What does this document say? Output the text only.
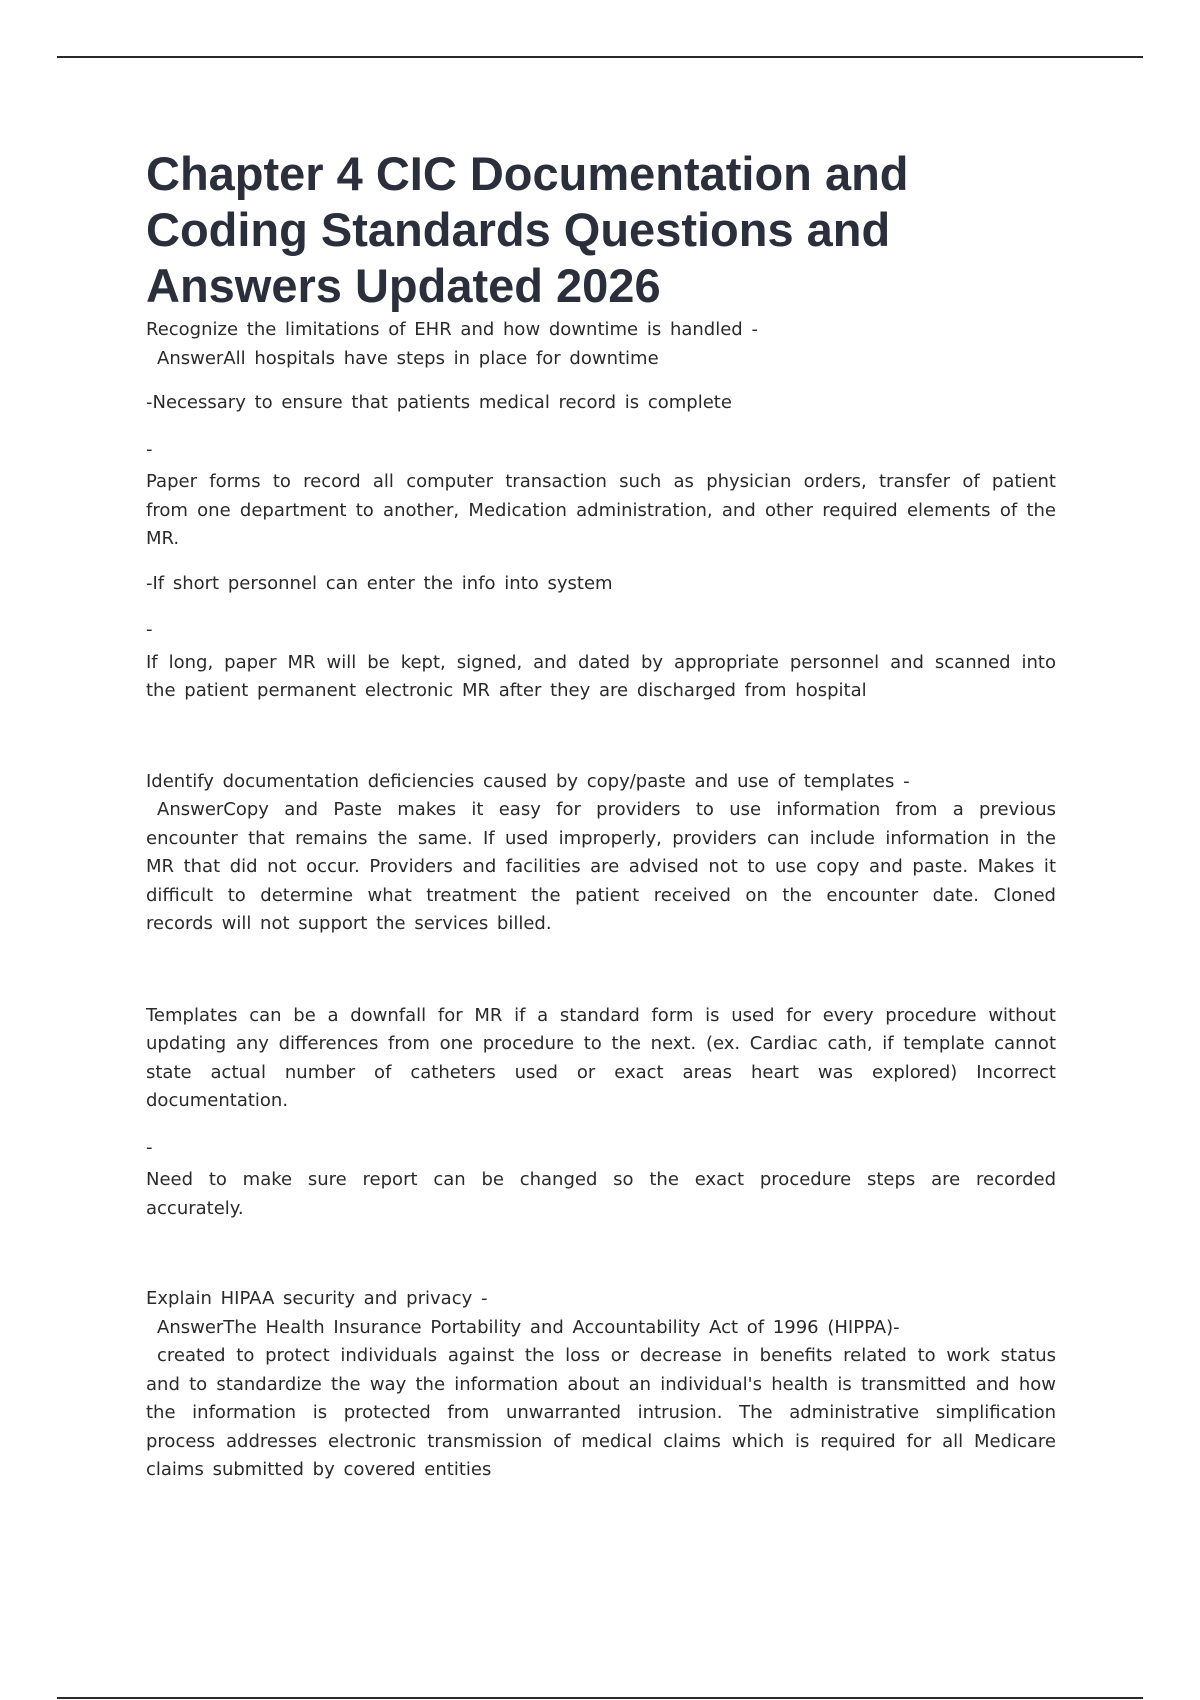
Chapter 4 CIC Documentation and Coding Standards Questions and Answers Updated 2026

Recognize the limitations of EHR and how downtime is handled -

AnswerAll hospitals have steps in place for downtime

-Necessary to ensure that patients medical record is complete

-

Paper forms to record all computer transaction such as physician orders, transfer of patient from one department to another, Medication administration, and other required elements of the MR.

-If short personnel can enter the info into system

-

If long, paper MR will be kept, signed, and dated by appropriate personnel and scanned into the patient permanent electronic MR after they are discharged from hospital

Identify documentation deficiencies caused by copy/paste and use of templates -

AnswerCopy and Paste makes it easy for providers to use information from a previous encounter that remains the same. If used improperly, providers can include information in the MR that did not occur. Providers and facilities are advised not to use copy and paste. Makes it difficult to determine what treatment the patient received on the encounter date. Cloned records will not support the services billed.

Templates can be a downfall for MR if a standard form is used for every procedure without updating any differences from one procedure to the next. (ex. Cardiac cath, if template cannot state actual number of catheters used or exact areas heart was explored) Incorrect documentation.

-

Need to make sure report can be changed so the exact procedure steps are recorded accurately.

Explain HIPAA security and privacy -

AnswerThe Health Insurance Portability and Accountability Act of 1996 (HIPPA)-

created to protect individuals against the loss or decrease in benefits related to work status and to standardize the way the information about an individual's health is transmitted and how the information is protected from unwarranted intrusion. The administrative simplification process addresses electronic transmission of medical claims which is required for all Medicare claims submitted by covered entities
